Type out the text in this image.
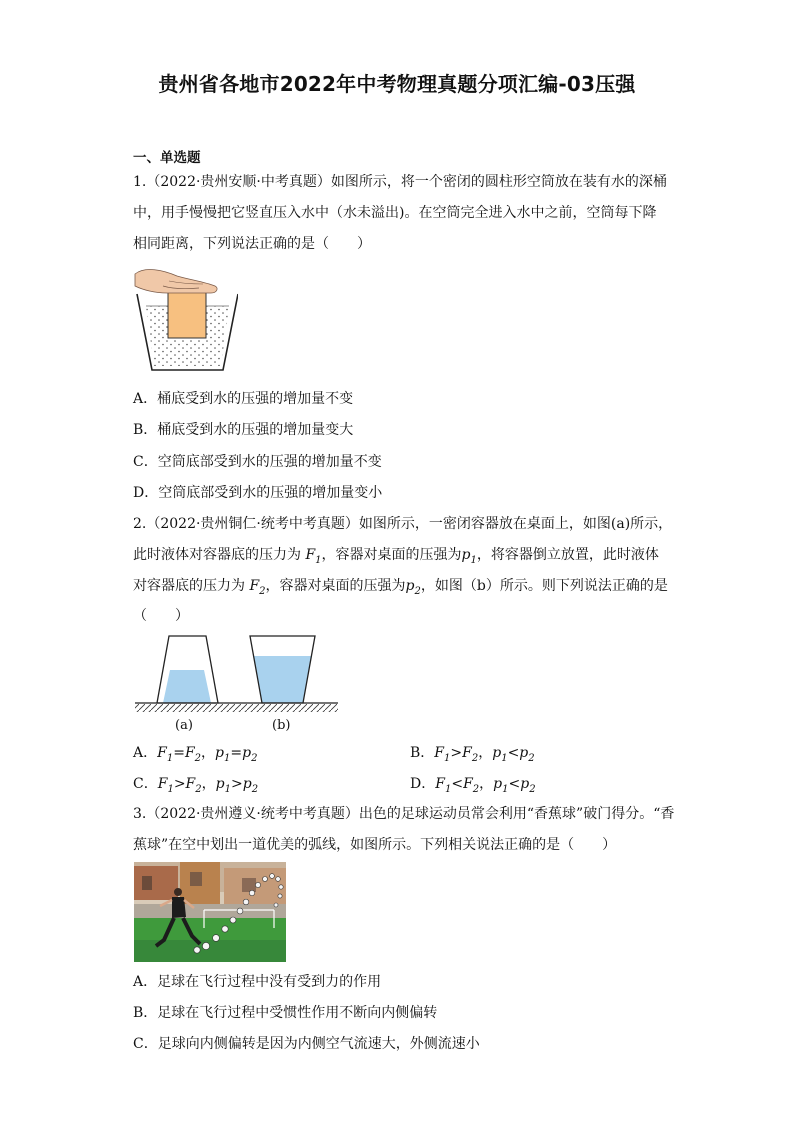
贵州省各地市2022年中考物理真题分项汇编-03压强
一、单选题
1.（2022·贵州安顺·中考真题）如图所示，将一个密闭的圆柱形空筒放在装有水的深桶
中，用手慢慢把它竖直压入水中（水未溢出)。在空筒完全进入水中之前，空筒每下降
相同距离，下列说法正确的是（　　）
A．桶底受到水的压强的增加量不变
B．桶底受到水的压强的增加量变大
C．空筒底部受到水的压强的增加量不变
D．空筒底部受到水的压强的增加量变小
2.（2022·贵州铜仁·统考中考真题）如图所示，一密闭容器放在桌面上，如图(a)所示，
此时液体对容器底的压力为 $F_1$，容器对桌面的压强为$p_1$，将容器倒立放置，此时液体
对容器底的压力为 $F_2$，容器对桌面的压强为$p_2$，如图（b）所示。则下列说法正确的是
（　　）
(a)	(b)
A．$F_1=F_2$，$p_1=p_2$	B．$F_1>F_2$，$p_1<p_2$
C．$F_1>F_2$，$p_1>p_2$	D．$F_1<F_2$，$p_1<p_2$
3.（2022·贵州遵义·统考中考真题）出色的足球运动员常会利用“香蕉球”破门得分。“香
蕉球”在空中划出一道优美的弧线，如图所示。下列相关说法正确的是（　　）
A．足球在飞行过程中没有受到力的作用
B．足球在飞行过程中受惯性作用不断向内侧偏转
C．足球向内侧偏转是因为内侧空气流速大，外侧流速小
